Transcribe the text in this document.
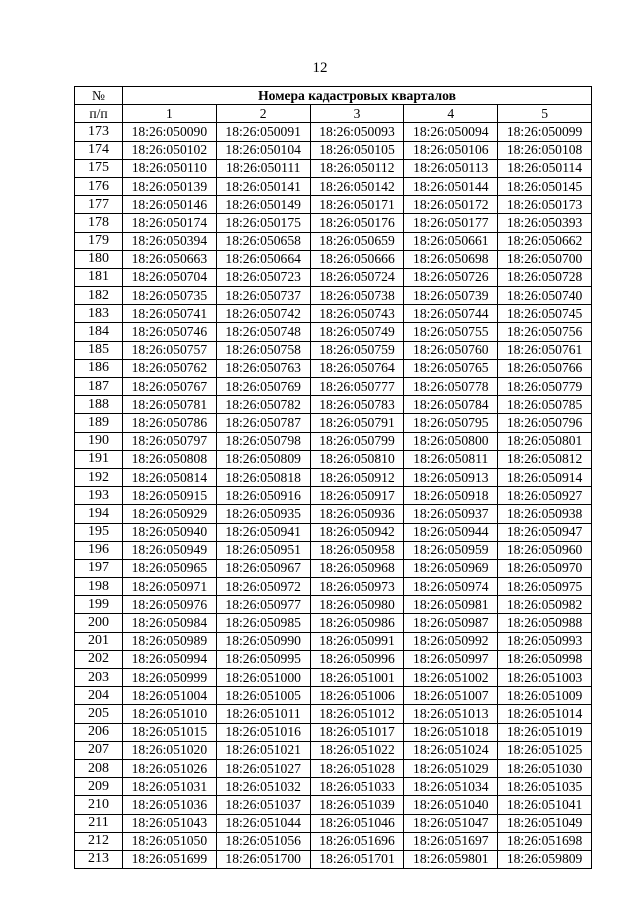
12
№	Номера кадастровых кварталов				
п/п	1	2	3	4	5
173	18:26:050090	18:26:050091	18:26:050093	18:26:050094	18:26:050099
174	18:26:050102	18:26:050104	18:26:050105	18:26:050106	18:26:050108
175	18:26:050110	18:26:050111	18:26:050112	18:26:050113	18:26:050114
176	18:26:050139	18:26:050141	18:26:050142	18:26:050144	18:26:050145
177	18:26:050146	18:26:050149	18:26:050171	18:26:050172	18:26:050173
178	18:26:050174	18:26:050175	18:26:050176	18:26:050177	18:26:050393
179	18:26:050394	18:26:050658	18:26:050659	18:26:050661	18:26:050662
180	18:26:050663	18:26:050664	18:26:050666	18:26:050698	18:26:050700
181	18:26:050704	18:26:050723	18:26:050724	18:26:050726	18:26:050728
182	18:26:050735	18:26:050737	18:26:050738	18:26:050739	18:26:050740
183	18:26:050741	18:26:050742	18:26:050743	18:26:050744	18:26:050745
184	18:26:050746	18:26:050748	18:26:050749	18:26:050755	18:26:050756
185	18:26:050757	18:26:050758	18:26:050759	18:26:050760	18:26:050761
186	18:26:050762	18:26:050763	18:26:050764	18:26:050765	18:26:050766
187	18:26:050767	18:26:050769	18:26:050777	18:26:050778	18:26:050779
188	18:26:050781	18:26:050782	18:26:050783	18:26:050784	18:26:050785
189	18:26:050786	18:26:050787	18:26:050791	18:26:050795	18:26:050796
190	18:26:050797	18:26:050798	18:26:050799	18:26:050800	18:26:050801
191	18:26:050808	18:26:050809	18:26:050810	18:26:050811	18:26:050812
192	18:26:050814	18:26:050818	18:26:050912	18:26:050913	18:26:050914
193	18:26:050915	18:26:050916	18:26:050917	18:26:050918	18:26:050927
194	18:26:050929	18:26:050935	18:26:050936	18:26:050937	18:26:050938
195	18:26:050940	18:26:050941	18:26:050942	18:26:050944	18:26:050947
196	18:26:050949	18:26:050951	18:26:050958	18:26:050959	18:26:050960
197	18:26:050965	18:26:050967	18:26:050968	18:26:050969	18:26:050970
198	18:26:050971	18:26:050972	18:26:050973	18:26:050974	18:26:050975
199	18:26:050976	18:26:050977	18:26:050980	18:26:050981	18:26:050982
200	18:26:050984	18:26:050985	18:26:050986	18:26:050987	18:26:050988
201	18:26:050989	18:26:050990	18:26:050991	18:26:050992	18:26:050993
202	18:26:050994	18:26:050995	18:26:050996	18:26:050997	18:26:050998
203	18:26:050999	18:26:051000	18:26:051001	18:26:051002	18:26:051003
204	18:26:051004	18:26:051005	18:26:051006	18:26:051007	18:26:051009
205	18:26:051010	18:26:051011	18:26:051012	18:26:051013	18:26:051014
206	18:26:051015	18:26:051016	18:26:051017	18:26:051018	18:26:051019
207	18:26:051020	18:26:051021	18:26:051022	18:26:051024	18:26:051025
208	18:26:051026	18:26:051027	18:26:051028	18:26:051029	18:26:051030
209	18:26:051031	18:26:051032	18:26:051033	18:26:051034	18:26:051035
210	18:26:051036	18:26:051037	18:26:051039	18:26:051040	18:26:051041
211	18:26:051043	18:26:051044	18:26:051046	18:26:051047	18:26:051049
212	18:26:051050	18:26:051056	18:26:051696	18:26:051697	18:26:051698
213	18:26:051699	18:26:051700	18:26:051701	18:26:059801	18:26:059809
